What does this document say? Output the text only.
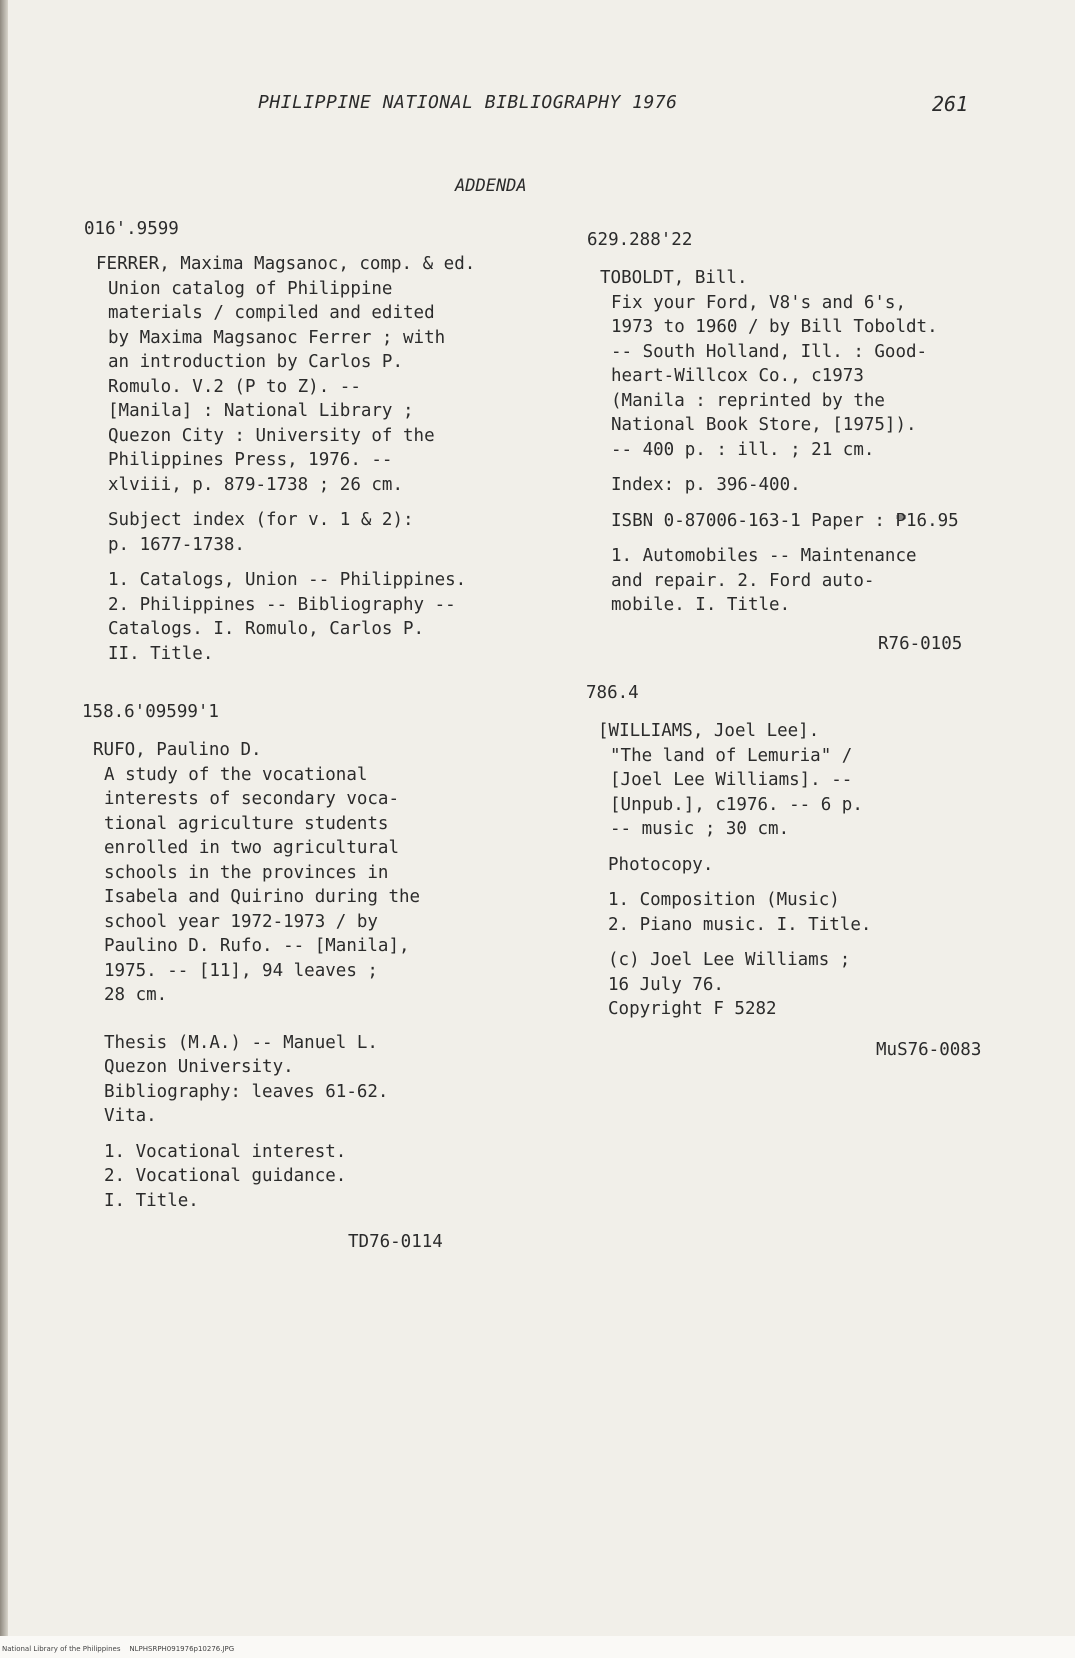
PHILIPPINE NATIONAL BIBLIOGRAPHY 1976	261
ADDENDA
016'.9599
FERRER, Maxima Magsanoc, comp. & ed.
Union catalog of Philippine
materials / compiled and edited
by Maxima Magsanoc Ferrer ; with
an introduction by Carlos P.
Romulo. V.2 (P to Z). --
[Manila] : National Library ;
Quezon City : University of the
Philippines Press, 1976. --
xlviii, p. 879-1738 ; 26 cm.
Subject index (for v. 1 & 2):
p. 1677-1738.
1. Catalogs, Union -- Philippines.
2. Philippines -- Bibliography --
Catalogs. I. Romulo, Carlos P.
II. Title.
158.6'09599'1
RUFO, Paulino D.
A study of the vocational
interests of secondary voca-
tional agriculture students
enrolled in two agricultural
schools in the provinces in
Isabela and Quirino during the
school year 1972-1973 / by
Paulino D. Rufo. -- [Manila],
1975. -- [11], 94 leaves ;
28 cm.
Thesis (M.A.) -- Manuel L.
Quezon University.
Bibliography: leaves 61-62.
Vita.
1. Vocational interest.
2. Vocational guidance.
I. Title.
TD76-0114
629.288'22
TOBOLDT, Bill.
Fix your Ford, V8's and 6's,
1973 to 1960 / by Bill Toboldt.
-- South Holland, Ill. : Good-
heart-Willcox Co., c1973
(Manila : reprinted by the
National Book Store, [1975]).
-- 400 p. : ill. ; 21 cm.
Index: p. 396-400.
ISBN 0-87006-163-1 Paper : ₱16.95
1. Automobiles -- Maintenance
and repair. 2. Ford auto-
mobile. I. Title.
R76-0105
786.4
[WILLIAMS, Joel Lee].
"The land of Lemuria" /
[Joel Lee Williams]. --
[Unpub.], c1976. -- 6 p.
-- music ; 30 cm.
Photocopy.
1. Composition (Music)
2. Piano music. I. Title.
(c) Joel Lee Williams ;
16 July 76.
Copyright F 5282
MuS76-0083
National Library of the Philippines    NLPHSRPH091976p10276.JPG
